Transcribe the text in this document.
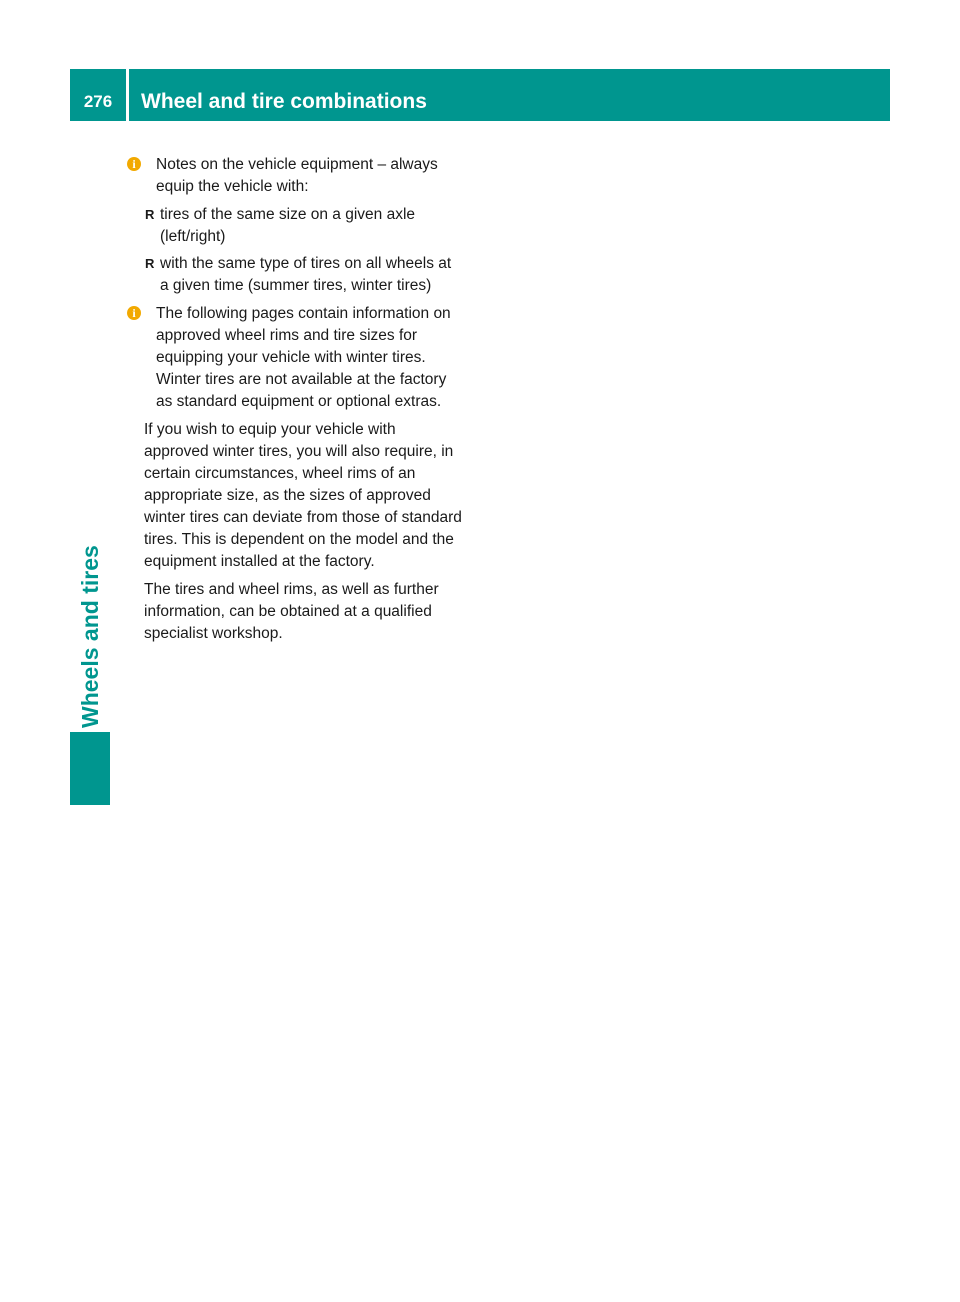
276	Wheel and tire combinations
Wheels and tires
i	Notes on the vehicle equipment – always equip the vehicle with:
R tires of the same size on a given axle (left/right)
R with the same type of tires on all wheels at a given time (summer tires, winter tires)
i	The following pages contain information on approved wheel rims and tire sizes for equipping your vehicle with winter tires. Winter tires are not available at the factory as standard equipment or optional extras.
If you wish to equip your vehicle with approved winter tires, you will also require, in certain circumstances, wheel rims of an appropriate size, as the sizes of approved winter tires can deviate from those of standard tires. This is dependent on the model and the equipment installed at the factory.
The tires and wheel rims, as well as further information, can be obtained at a qualified specialist workshop.
